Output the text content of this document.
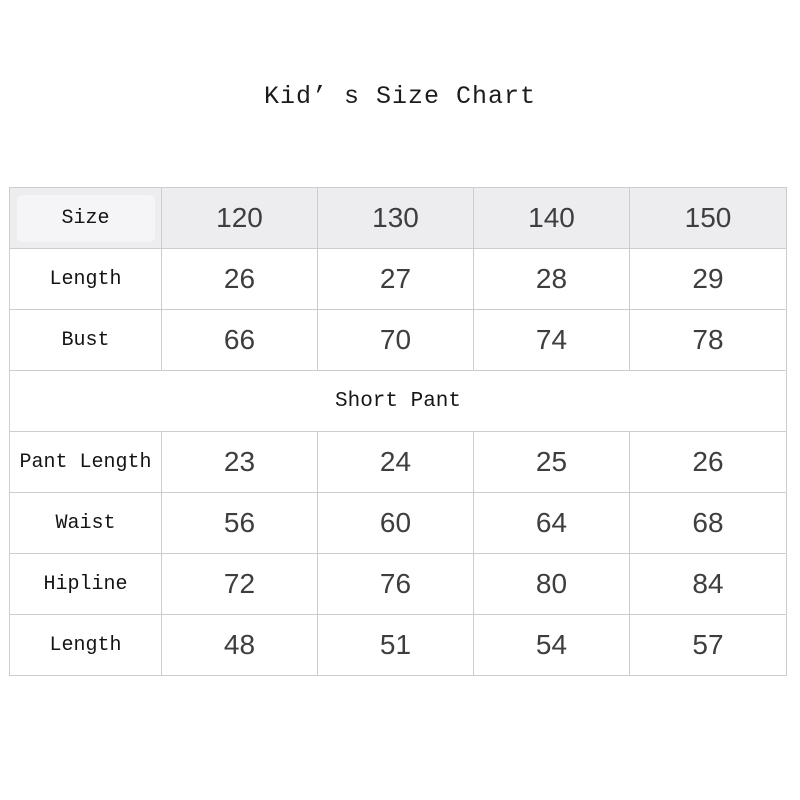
Kid’ s Size Chart
Size	120	130	140	150
Length	26	27	28	29
Bust	66	70	74	78
Short Pant				
Pant Length	23	24	25	26
Waist	56	60	64	68
Hipline	72	76	80	84
Length	48	51	54	57
